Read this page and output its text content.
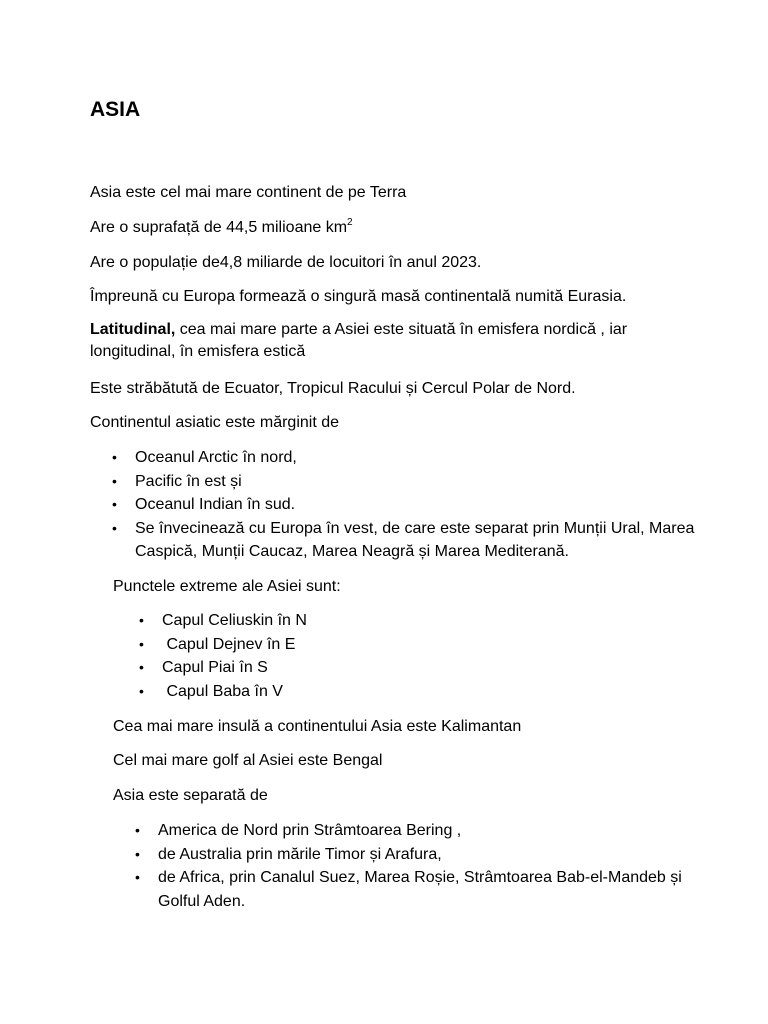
ASIA

Asia este cel mai mare continent de pe Terra

Are o suprafață de 44,5 milioane $km^2$

Are o populație de4,8 miliarde de locuitori în anul 2023.

Împreună cu Europa formează o singură masă continentală numită Eurasia.

Latitudinal, cea mai mare parte a Asiei este situată în emisfera nordică , iar longitudinal, în emisfera estică

Este străbătută de Ecuator, Tropicul Racului și Cercul Polar de Nord.

Continentul asiatic este mărginit de

• Oceanul Arctic în nord,
• Pacific în est și
• Oceanul Indian în sud.
• Se învecinează cu Europa în vest, de care este separat prin Munții Ural, Marea Caspică, Munții Caucaz, Marea Neagră și Marea Mediterană.

Punctele extreme ale Asiei sunt:

• Capul Celiuskin în N
• Capul Dejnev în E
• Capul Piai în S
• Capul Baba în V

Cea mai mare insulă a continentului Asia este Kalimantan

Cel mai mare golf al Asiei este Bengal

Asia este separată de

• America de Nord prin Strâmtoarea Bering ,
• de Australia prin mările Timor și Arafura,
• de Africa, prin Canalul Suez, Marea Roșie, Strâmtoarea Bab-el-Mandeb și Golful Aden.
